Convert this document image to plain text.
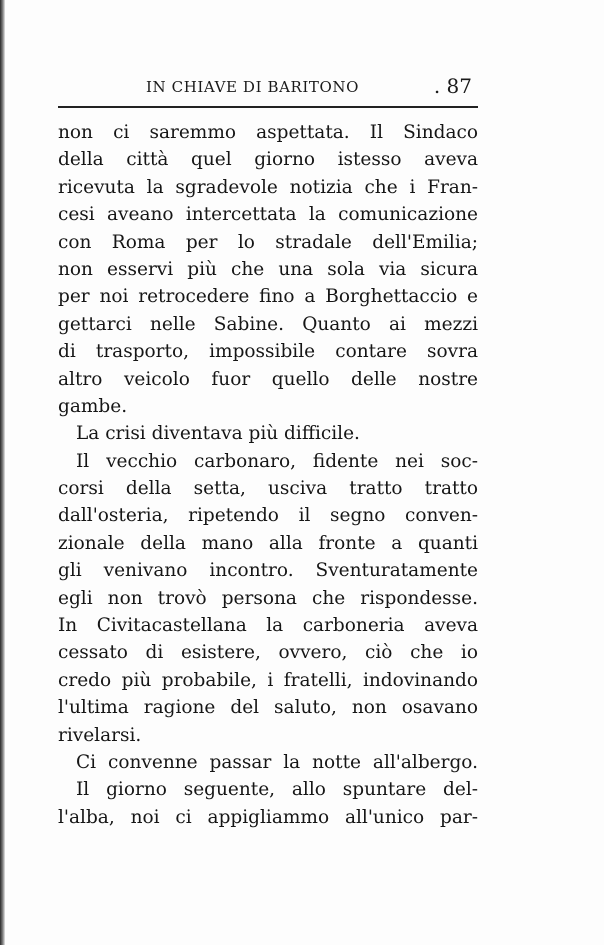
IN CHIAVE DI BARITONO	. 87
non ci saremmo aspettata. Il Sindaco
della città quel giorno istesso aveva
ricevuta la sgradevole notizia che i Fran-
cesi aveano intercettata la comunicazione
con Roma per lo stradale dell'Emilia;
non esservi più che una sola via sicura
per noi retrocedere fino a Borghettaccio e
gettarci nelle Sabine. Quanto ai mezzi
di trasporto, impossibile contare sovra
altro veicolo fuor quello delle nostre
gambe.
La crisi diventava più difficile.
Il vecchio carbonaro, fidente nei soc-
corsi della setta, usciva tratto tratto
dall'osteria, ripetendo il segno conven-
zionale della mano alla fronte a quanti
gli venivano incontro. Sventuratamente
egli non trovò persona che rispondesse.
In Civitacastellana la carboneria aveva
cessato di esistere, ovvero, ciò che io
credo più probabile, i fratelli, indovinando
l'ultima ragione del saluto, non osavano
rivelarsi.
Ci convenne passar la notte all'albergo.
Il giorno seguente, allo spuntare del-
l'alba, noi ci appigliammo all'unico par-
